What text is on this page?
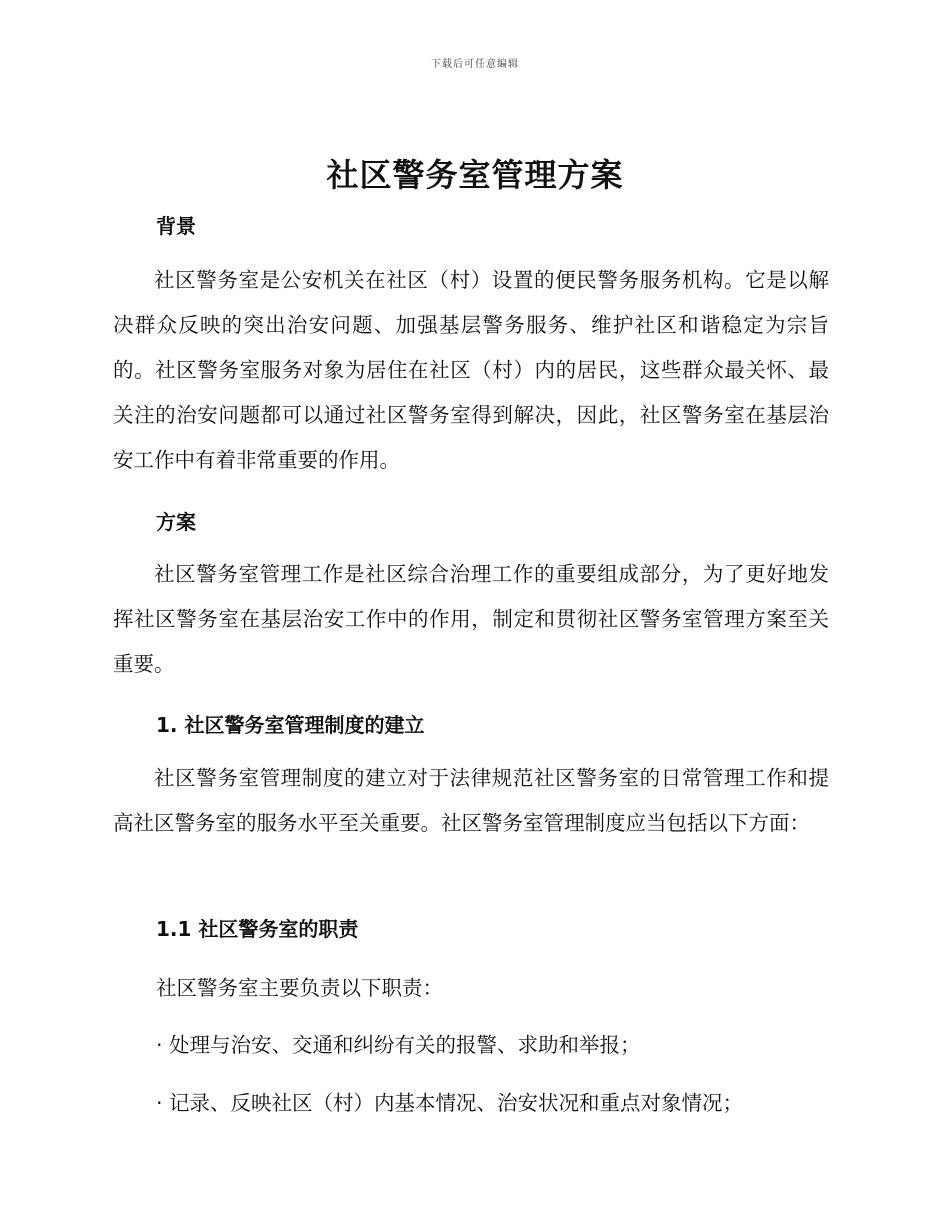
下载后可任意编辑
社区警务室管理方案
背景

社区警务室是公安机关在社区（村）设置的便民警务服务机构。它是以解决群众反映的突出治安问题、加强基层警务服务、维护社区和谐稳定为宗旨的。社区警务室服务对象为居住在社区（村）内的居民，这些群众最关怀、最关注的治安问题都可以通过社区警务室得到解决，因此，社区警务室在基层治安工作中有着非常重要的作用。

方案

社区警务室管理工作是社区综合治理工作的重要组成部分，为了更好地发挥社区警务室在基层治安工作中的作用，制定和贯彻社区警务室管理方案至关重要。

1. 社区警务室管理制度的建立

社区警务室管理制度的建立对于法律规范社区警务室的日常管理工作和提高社区警务室的服务水平至关重要。社区警务室管理制度应当包括以下方面：

1.1 社区警务室的职责

社区警务室主要负责以下职责：

· 处理与治安、交通和纠纷有关的报警、求助和举报；

· 记录、反映社区（村）内基本情况、治安状况和重点对象情况；
